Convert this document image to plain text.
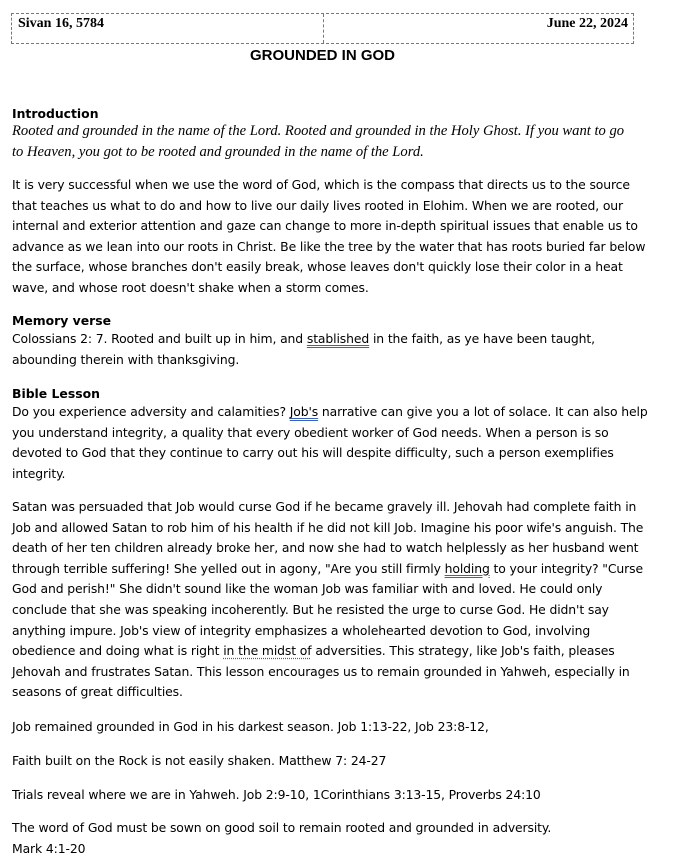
Sivan 16, 5784	June 22, 2024
GROUNDED IN GOD
Introduction
Rooted and grounded in the name of the Lord. Rooted and grounded in the Holy Ghost. If you want to go
to Heaven, you got to be rooted and grounded in the name of the Lord.
It is very successful when we use the word of God, which is the compass that directs us to the source
that teaches us what to do and how to live our daily lives rooted in Elohim. When we are rooted, our
internal and exterior attention and gaze can change to more in-depth spiritual issues that enable us to
advance as we lean into our roots in Christ. Be like the tree by the water that has roots buried far below
the surface, whose branches don't easily break, whose leaves don't quickly lose their color in a heat
wave, and whose root doesn't shake when a storm comes.
Memory verse
Colossians 2: 7. Rooted and built up in him, and stablished in the faith, as ye have been taught,
abounding therein with thanksgiving.
Bible Lesson
Do you experience adversity and calamities? Job's narrative can give you a lot of solace. It can also help
you understand integrity, a quality that every obedient worker of God needs. When a person is so
devoted to God that they continue to carry out his will despite difficulty, such a person exemplifies
integrity.
Satan was persuaded that Job would curse God if he became gravely ill. Jehovah had complete faith in
Job and allowed Satan to rob him of his health if he did not kill Job. Imagine his poor wife's anguish. The
death of her ten children already broke her, and now she had to watch helplessly as her husband went
through terrible suffering! She yelled out in agony, "Are you still firmly holding to your integrity? "Curse
God and perish!" She didn't sound like the woman Job was familiar with and loved. He could only
conclude that she was speaking incoherently. But he resisted the urge to curse God. He didn't say
anything impure. Job's view of integrity emphasizes a wholehearted devotion to God, involving
obedience and doing what is right in the midst of adversities. This strategy, like Job's faith, pleases
Jehovah and frustrates Satan. This lesson encourages us to remain grounded in Yahweh, especially in
seasons of great difficulties.
Job remained grounded in God in his darkest season. Job 1:13-22, Job 23:8-12,
Faith built on the Rock is not easily shaken. Matthew 7: 24-27
Trials reveal where we are in Yahweh. Job 2:9-10, 1Corinthians 3:13-15, Proverbs 24:10
The word of God must be sown on good soil to remain rooted and grounded in adversity.
Mark 4:1-20
